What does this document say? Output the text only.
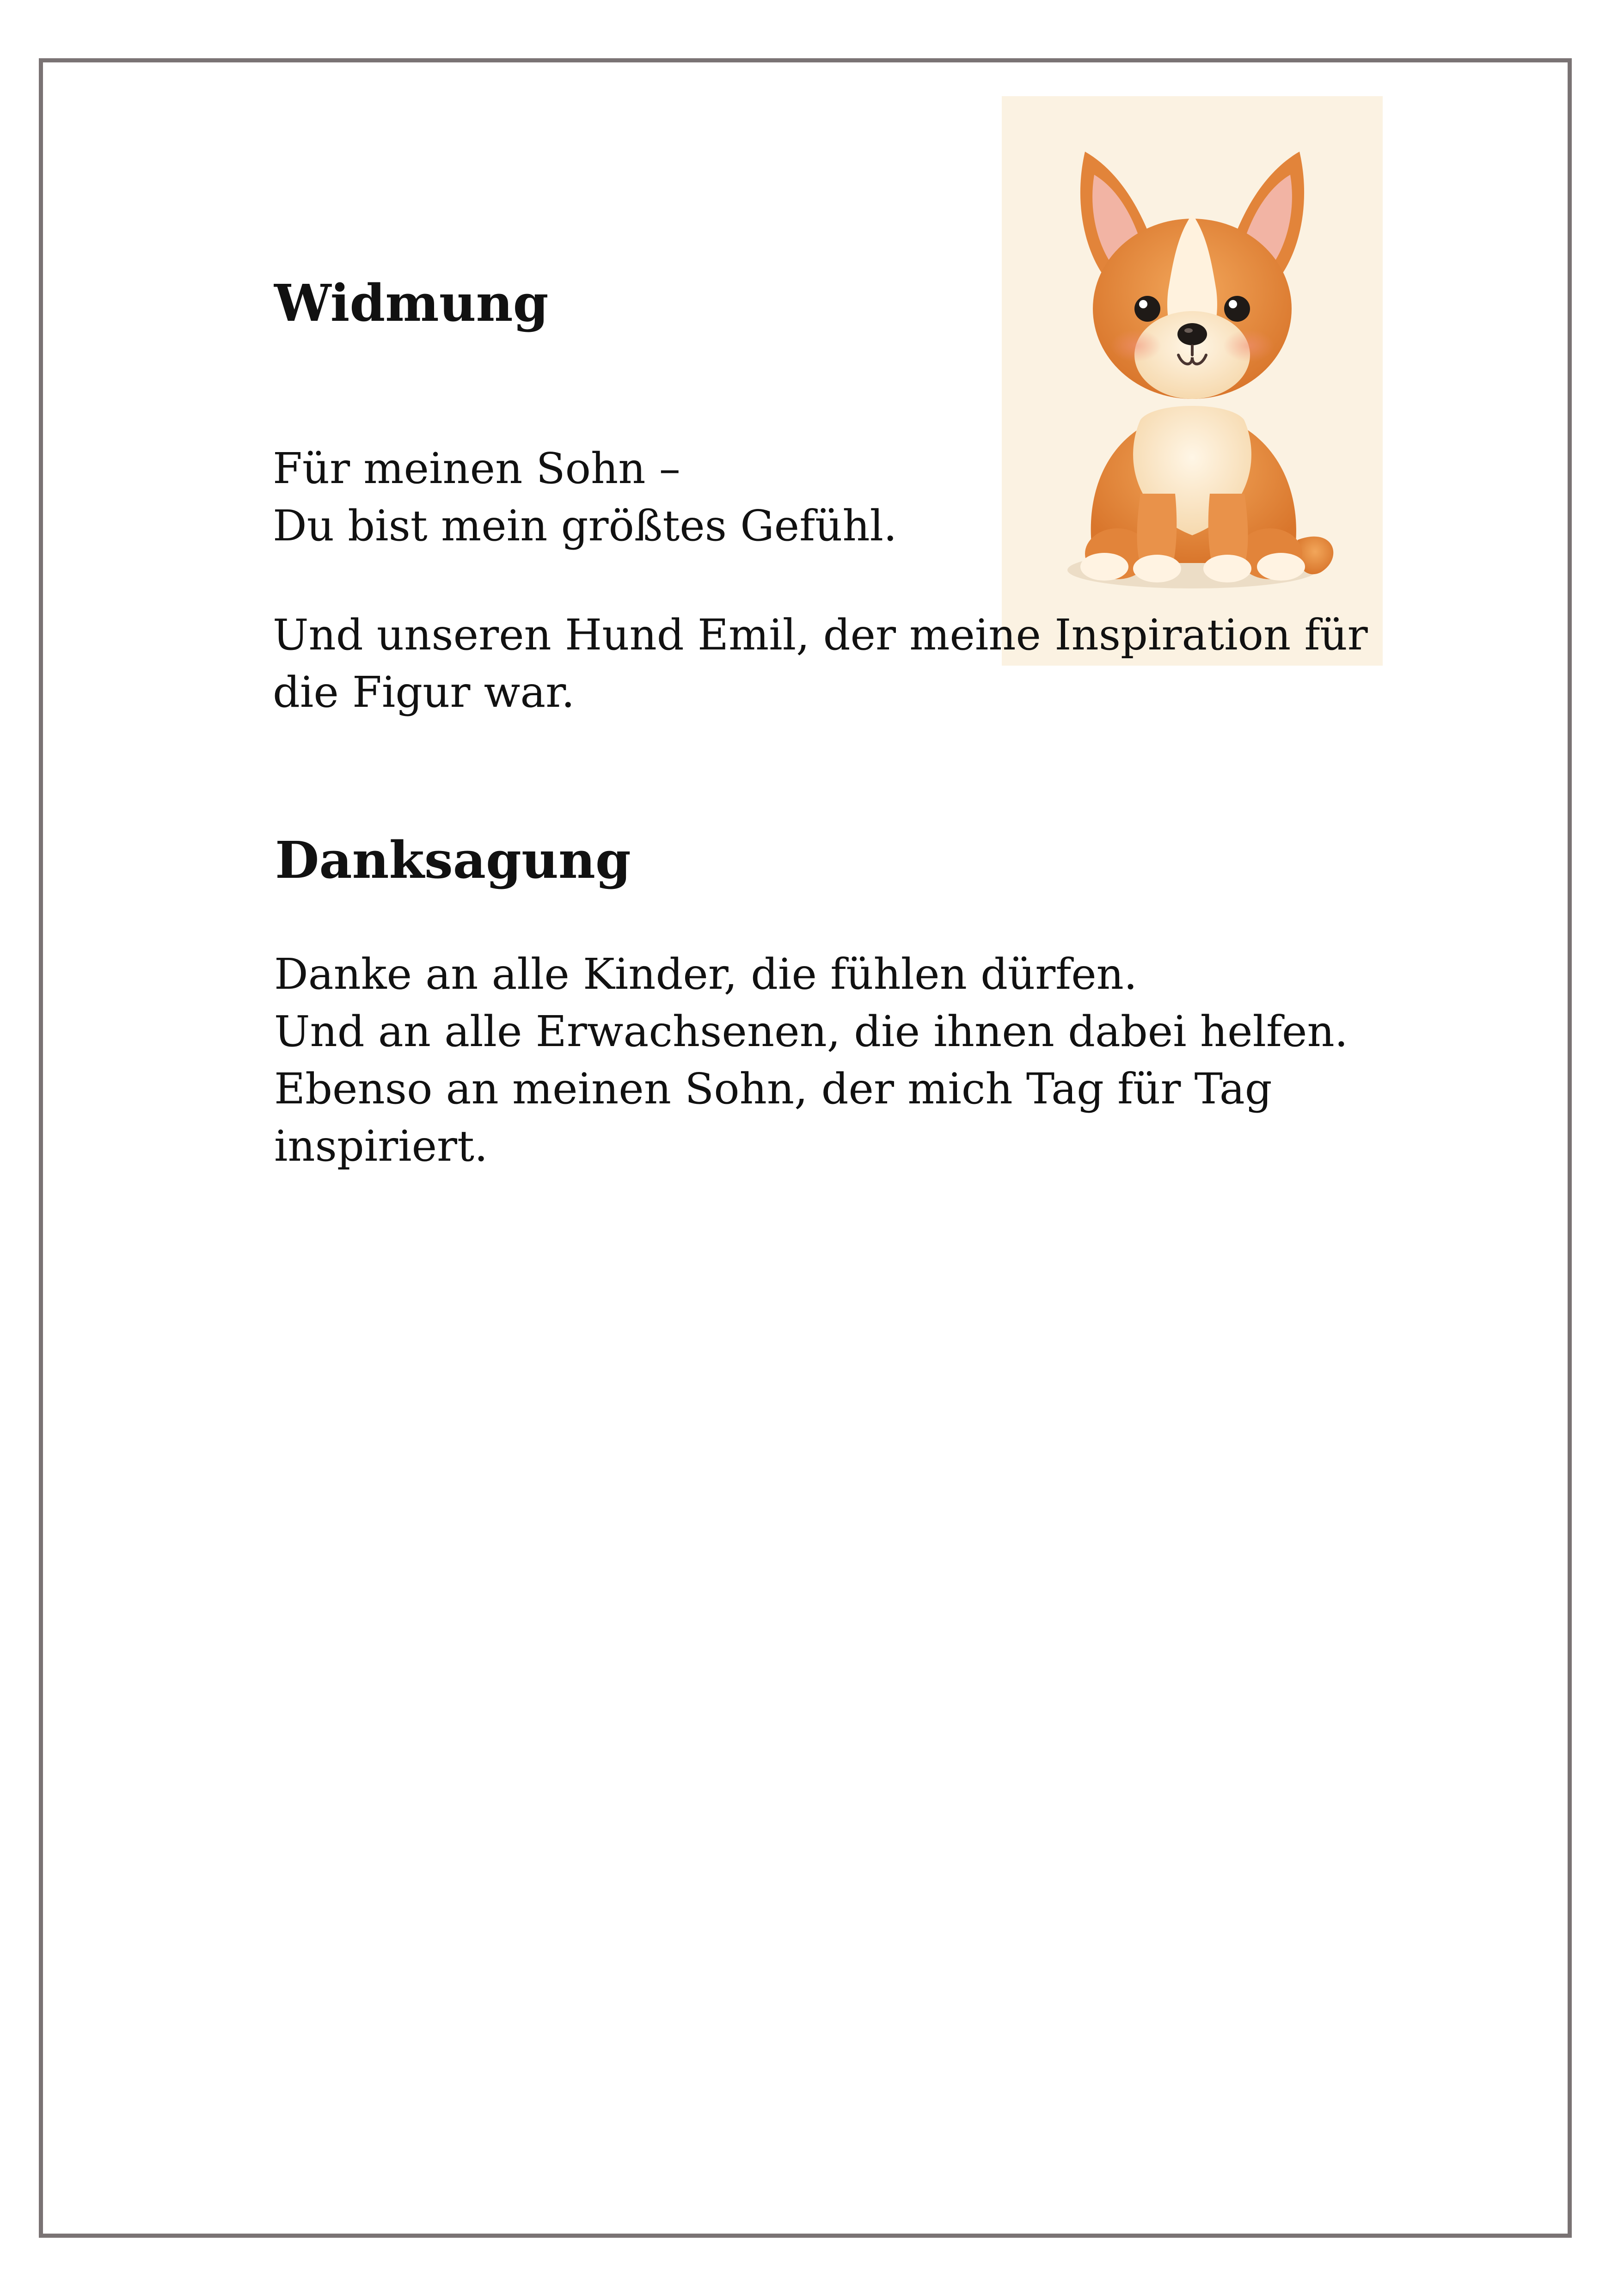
Widmung

Für meinen Sohn –
Du bist mein größtes Gefühl.

Und unseren Hund Emil, der meine Inspiration für
die Figur war.

Danksagung

Danke an alle Kinder, die fühlen dürfen.
Und an alle Erwachsenen, die ihnen dabei helfen.
Ebenso an meinen Sohn, der mich Tag für Tag
inspiriert.
